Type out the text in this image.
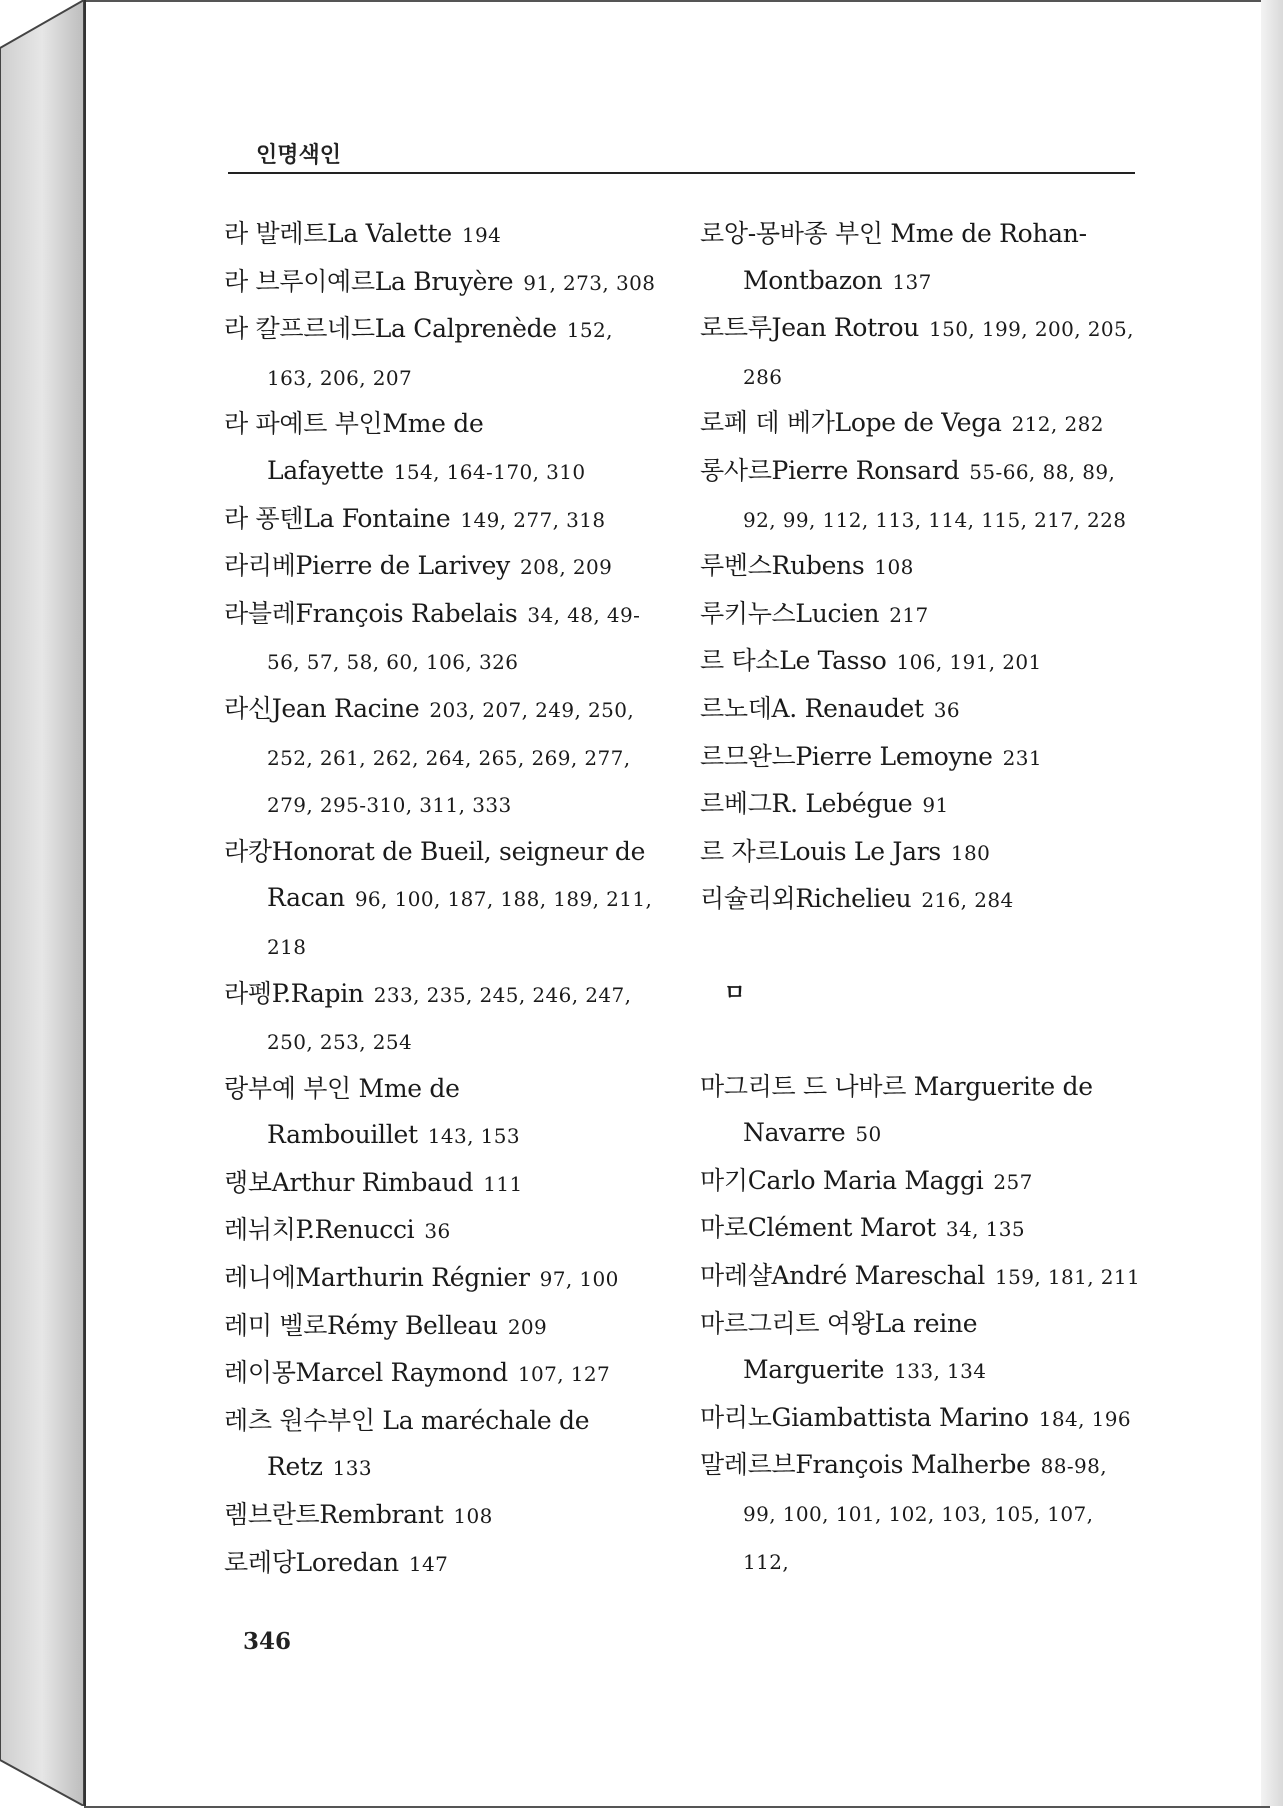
인명색인
라 발레트La Valette 194
라 브루이예르La Bruyère 91, 273, 308
라 칼프르네드La Calprenède 152, 163, 206, 207
라 파예트 부인Mme de Lafayette 154, 164-170, 310
라 퐁텐La Fontaine 149, 277, 318
라리베Pierre de Larivey 208, 209
라블레François Rabelais 34, 48, 49-56, 57, 58, 60, 106, 326
라신Jean Racine 203, 207, 249, 250, 252, 261, 262, 264, 265, 269, 277, 279, 295-310, 311, 333
라캉Honorat de Bueil, seigneur de Racan 96, 100, 187, 188, 189, 211, 218
라펭P.Rapin 233, 235, 245, 246, 247, 250, 253, 254
랑부예 부인 Mme de Rambouillet 143, 153
랭보Arthur Rimbaud 111
레뉘치P.Renucci 36
레니에Marthurin Régnier 97, 100
레미 벨로Rémy Belleau 209
레이몽Marcel Raymond 107, 127
레츠 원수부인 La maréchale de Retz 133
렘브란트Rembrant 108
로레당Loredan 147
로앙-몽바종 부인 Mme de Rohan-Montbazon 137
로트루Jean Rotrou 150, 199, 200, 205, 286
로페 데 베가Lope de Vega 212, 282
롱사르Pierre Ronsard 55-66, 88, 89, 92, 99, 112, 113, 114, 115, 217, 228
루벤스Rubens 108
루키누스Lucien 217
르 타소Le Tasso 106, 191, 201
르노데A. Renaudet 36
르므완느Pierre Lemoyne 231
르베그R. Lebégue 91
르 자르Louis Le Jars 180
리슐리외Richelieu 216, 284
ㅁ
마그리트 드 나바르 Marguerite de Navarre 50
마기Carlo Maria Maggi 257
마로Clément Marot 34, 135
마레샬André Mareschal 159, 181, 211
마르그리트 여왕La reine Marguerite 133, 134
마리노Giambattista Marino 184, 196
말레르브François Malherbe 88-98, 99, 100, 101, 102, 103, 105, 107, 112,
346
